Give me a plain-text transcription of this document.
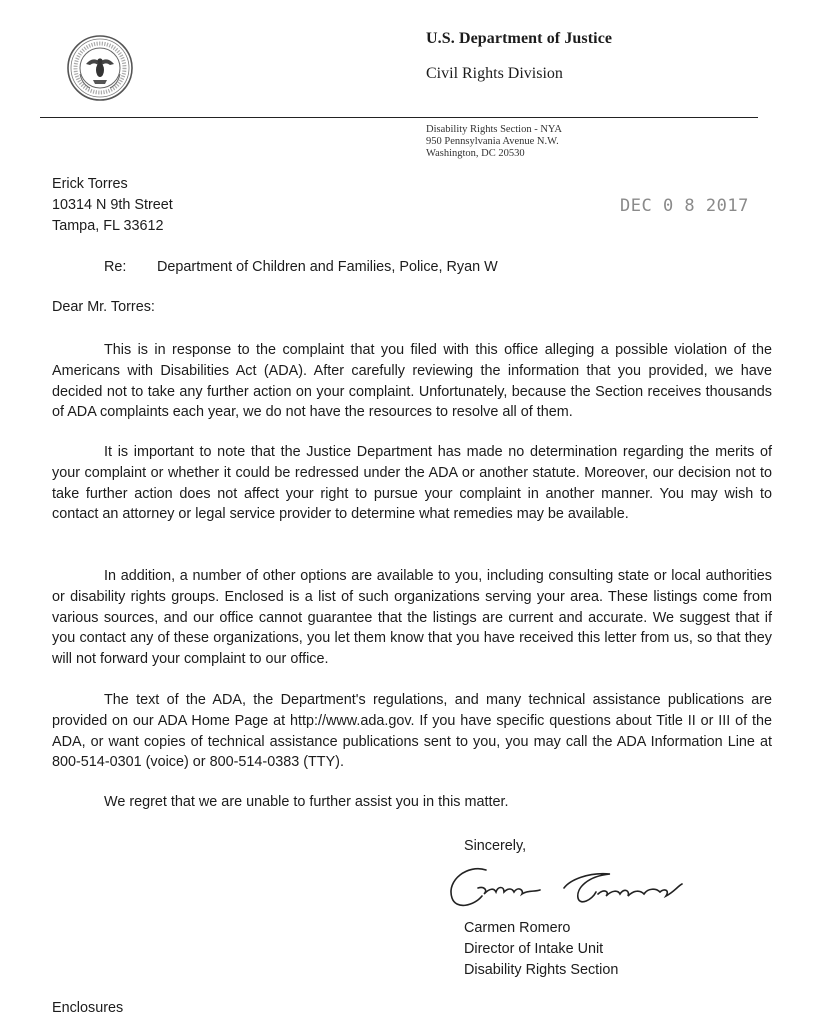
U.S. Department of Justice
Civil Rights Division
Disability Rights Section - NYA
950 Pennsylvania Avenue N.W.
Washington, DC 20530
Erick Torres
10314 N 9th Street
Tampa, FL 33612
DEC 0 8 2017
Re: Department of Children and Families, Police, Ryan W
Dear Mr. Torres:

This is in response to the complaint that you filed with this office alleging a possible violation of the Americans with Disabilities Act (ADA). After carefully reviewing the information that you provided, we have decided not to take any further action on your complaint. Unfortunately, because the Section receives thousands of ADA complaints each year, we do not have the resources to resolve all of them.

It is important to note that the Justice Department has made no determination regarding the merits of your complaint or whether it could be redressed under the ADA or another statute. Moreover, our decision not to take further action does not affect your right to pursue your complaint in another manner. You may wish to contact an attorney or legal service provider to determine what remedies may be available.

In addition, a number of other options are available to you, including consulting state or local authorities or disability rights groups. Enclosed is a list of such organizations serving your area. These listings come from various sources, and our office cannot guarantee that the listings are current and accurate. We suggest that if you contact any of these organizations, you let them know that you have received this letter from us, so that they will not forward your complaint to our office.

The text of the ADA, the Department's regulations, and many technical assistance publications are provided on our ADA Home Page at http://www.ada.gov. If you have specific questions about Title II or III of the ADA, or want copies of technical assistance publications sent to you, you may call the ADA Information Line at 800-514-0301 (voice) or 800-514-0383 (TTY).

We regret that we are unable to further assist you in this matter.
Sincerely,
Carmen Romero
Director of Intake Unit
Disability Rights Section
Enclosures
